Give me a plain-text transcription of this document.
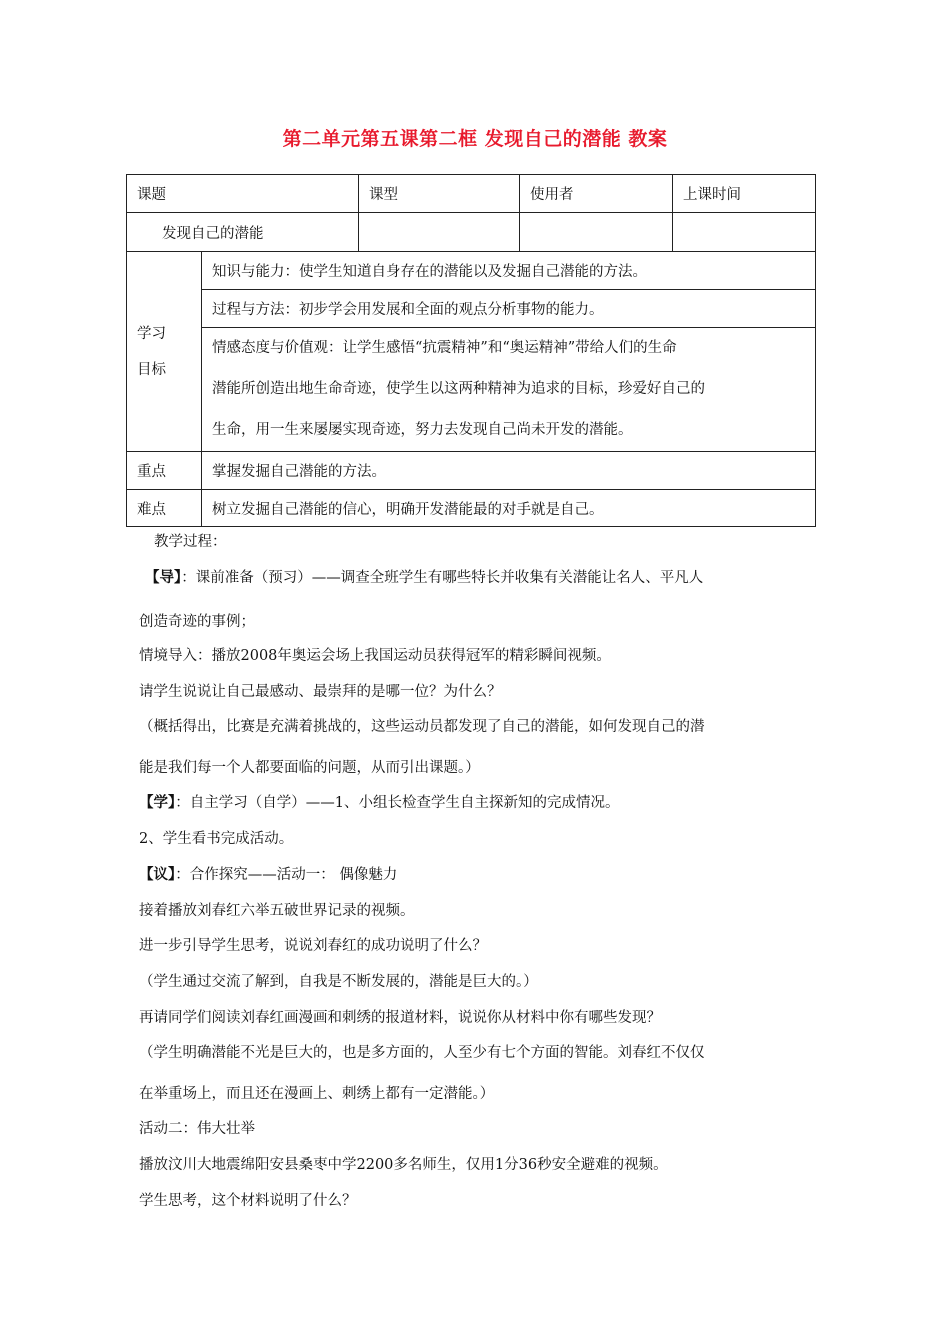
第二单元第五课第二框 发现自己的潜能 教案
课题		课型	使用者	上课时间
发现自己的潜能				

学习
目标	知识与能力：使学生知道自身存在的潜能以及发掘自己潜能的方法。			
	过程与方法：初步学会用发展和全面的观点分析事物的能力。			

	情感态度与价值观：让学生感悟“抗震精神”和“奥运精神”带给人们的生命
潜能所创造出地生命奇迹，使学生以这两种精神为追求的目标，珍爱好自己的
生命，用一生来屡屡实现奇迹，努力去发现自己尚未开发的潜能。			

重点	掌握发掘自己潜能的方法。			
难点	树立发掘自己潜能的信心，明确开发潜能最的对手就是自己。			
教学过程：
【导】：课前准备（预习）——调查全班学生有哪些特长并收集有关潜能让名人、平凡人
创造奇迹的事例；
情境导入：播放2008年奥运会场上我国运动员获得冠军的精彩瞬间视频。
请学生说说让自己最感动、最崇拜的是哪一位？为什么？
（概括得出，比赛是充满着挑战的，这些运动员都发现了自己的潜能，如何发现自己的潜
能是我们每一个人都要面临的问题，从而引出课题。）
【学】：自主学习（自学）——1、小组长检查学生自主探新知的完成情况。
2、学生看书完成活动。
【议】：合作探究——活动一： 偶像魅力
接着播放刘春红六举五破世界记录的视频。
进一步引导学生思考，说说刘春红的成功说明了什么？
（学生通过交流了解到，自我是不断发展的，潜能是巨大的。）
再请同学们阅读刘春红画漫画和刺绣的报道材料，说说你从材料中你有哪些发现？
（学生明确潜能不光是巨大的，也是多方面的，人至少有七个方面的智能。刘春红不仅仅
在举重场上，而且还在漫画上、刺绣上都有一定潜能。）
活动二：伟大壮举
播放汶川大地震绵阳安县桑枣中学2200多名师生，仅用1分36秒安全避难的视频。
学生思考，这个材料说明了什么？
